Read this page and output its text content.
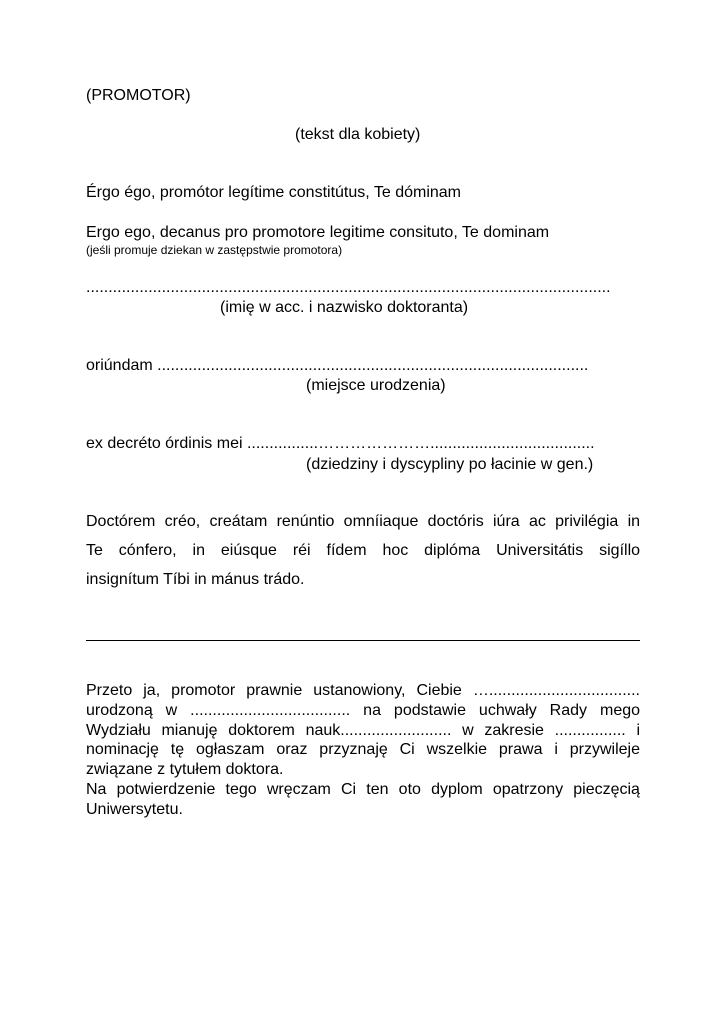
(PROMOTOR)
(tekst dla kobiety)
Érgo égo, promótor legítime constitútus, Te dóminam
Ergo ego, decanus pro promotore legitime consituto, Te dominam
(jeśli promuje dziekan w zastępstwie promotora)
......................................................................................................................
(imię w acc. i nazwisko doktoranta)
oriúndam .................................................................................................
(miejsce urodzenia)
ex decréto órdinis mei ................………………….....................................
(dziedziny i dyscypliny po łacinie w gen.)
Doctórem créo, creátam renúntio omníiaque doctóris iúra ac privilégia in
Te cónfero, in eiúsque réi fídem hoc diplóma Universitátis sigíllo
insignítum Tíbi in mánus trádo.
Przeto ja, promotor prawnie ustanowiony, Ciebie …..................................
urodzoną w .................................... na podstawie uchwały Rady mego
Wydziału mianuję doktorem nauk......................... w zakresie ................ i
nominację tę ogłaszam oraz przyznaję Ci wszelkie prawa i przywileje
związane z tytułem doktora.
Na potwierdzenie tego wręczam Ci ten oto dyplom opatrzony pieczęcią
Uniwersytetu.
